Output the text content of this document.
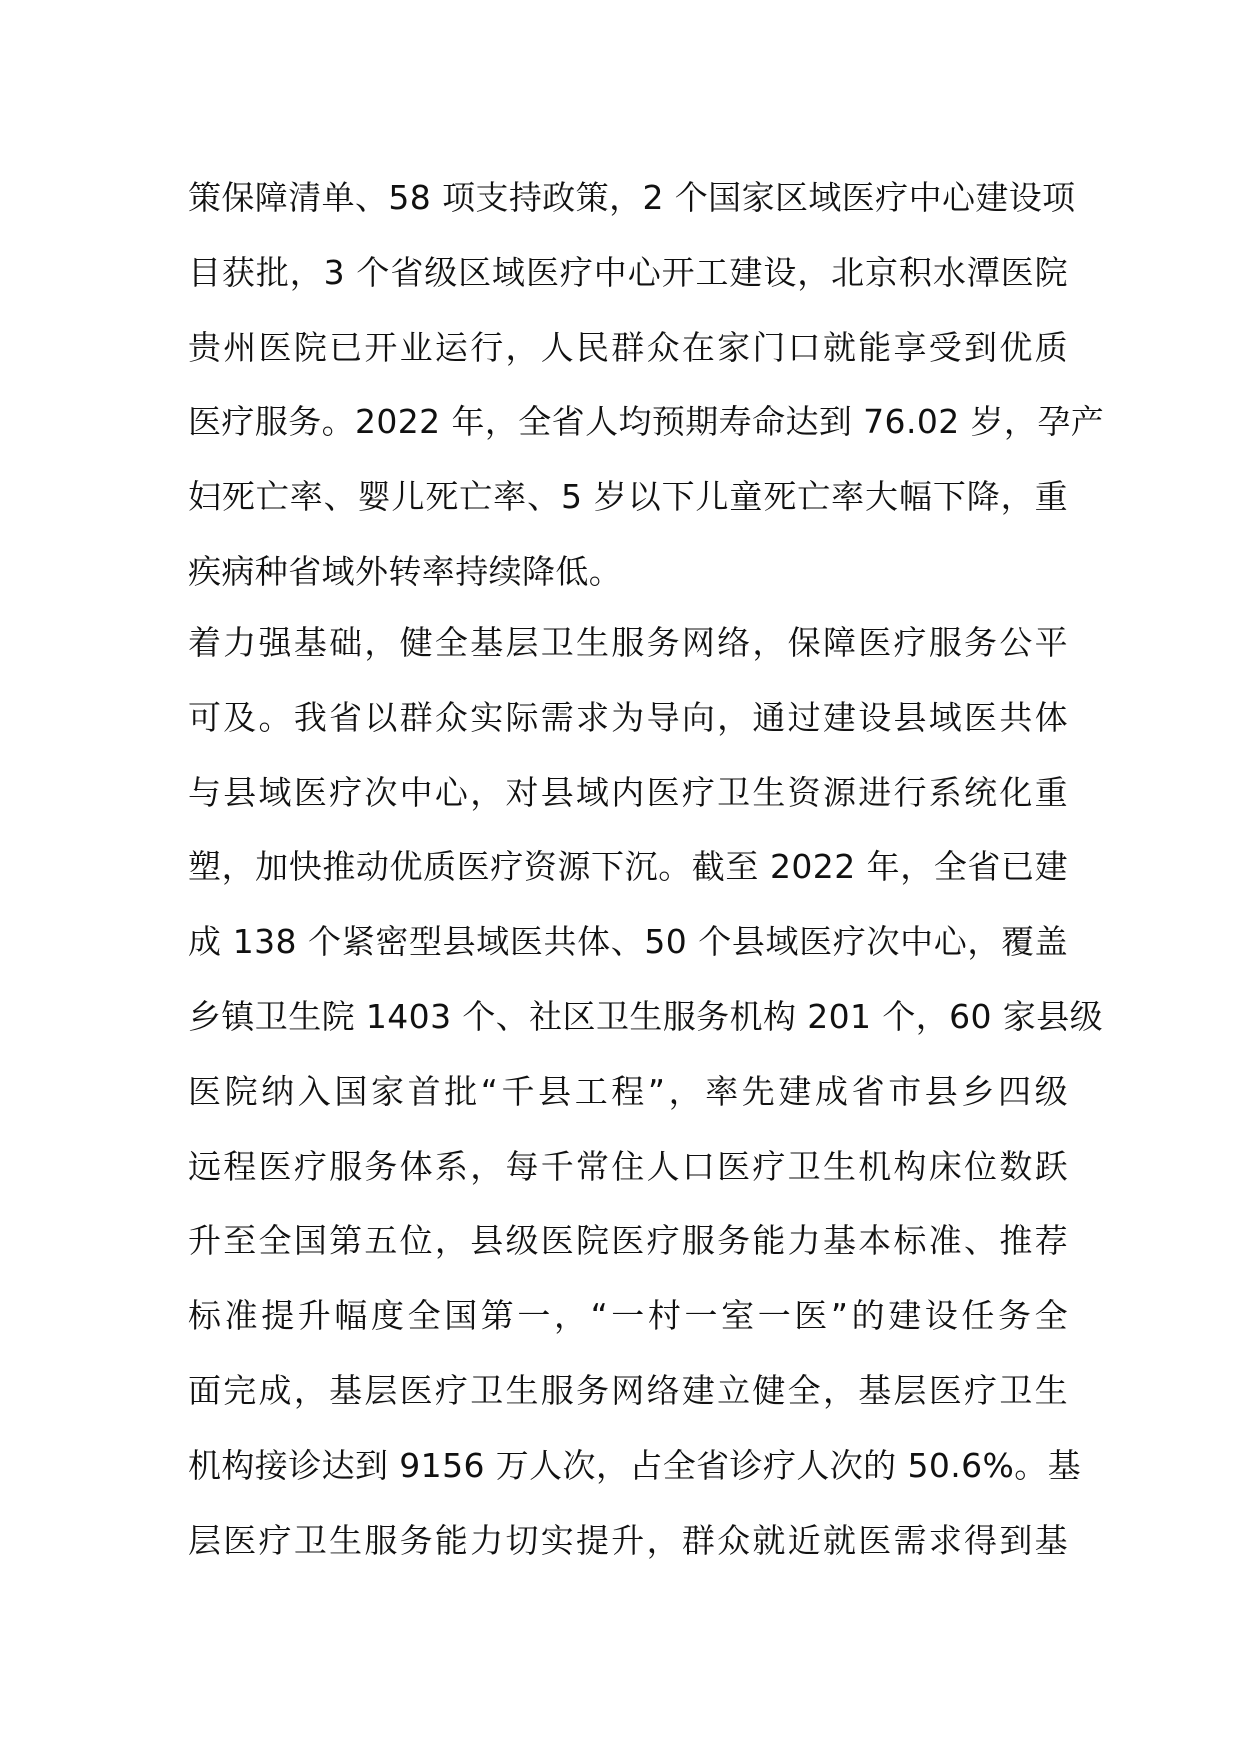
策保障清单、58 项支持政策，2 个国家区域医疗中心建设项
目获批，3 个省级区域医疗中心开工建设，北京积水潭医院
贵州医院已开业运行，人民群众在家门口就能享受到优质
医疗服务。2022 年，全省人均预期寿命达到 76.02 岁，孕产
妇死亡率、婴儿死亡率、5 岁以下儿童死亡率大幅下降，重
疾病种省域外转率持续降低。
着力强基础，健全基层卫生服务网络，保障医疗服务公平
可及。我省以群众实际需求为导向，通过建设县域医共体
与县域医疗次中心，对县域内医疗卫生资源进行系统化重
塑，加快推动优质医疗资源下沉。截至 2022 年，全省已建
成 138 个紧密型县域医共体、50 个县域医疗次中心，覆盖
乡镇卫生院 1403 个、社区卫生服务机构 201 个，60 家县级
医院纳入国家首批“千县工程”，率先建成省市县乡四级
远程医疗服务体系，每千常住人口医疗卫生机构床位数跃
升至全国第五位，县级医院医疗服务能力基本标准、推荐
标准提升幅度全国第一，“一村一室一医”的建设任务全
面完成，基层医疗卫生服务网络建立健全，基层医疗卫生
机构接诊达到 9156 万人次，占全省诊疗人次的 50.6%。基
层医疗卫生服务能力切实提升，群众就近就医需求得到基
